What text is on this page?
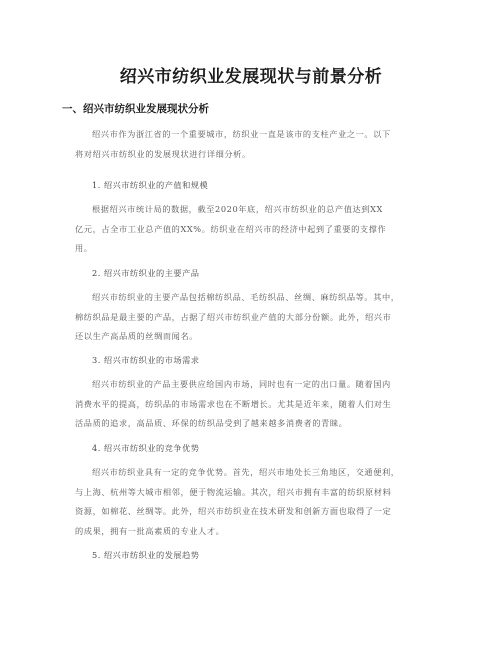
绍兴市纺织业发展现状与前景分析
一、绍兴市纺织业发展现状分析
绍兴市作为浙江省的一个重要城市，纺织业一直是该市的支柱产业之一。以下
将对绍兴市纺织业的发展现状进行详细分析。
1. 绍兴市纺织业的产值和规模
根据绍兴市统计局的数据，截至2020年底，绍兴市纺织业的总产值达到XX
亿元，占全市工业总产值的XX%。纺织业在绍兴市的经济中起到了重要的支撑作
用。
2. 绍兴市纺织业的主要产品
绍兴市纺织业的主要产品包括棉纺织品、毛纺织品、丝绸、麻纺织品等。其中，
棉纺织品是最主要的产品，占据了绍兴市纺织业产值的大部分份额。此外，绍兴市
还以生产高品质的丝绸而闻名。
3. 绍兴市纺织业的市场需求
绍兴市纺织业的产品主要供应给国内市场，同时也有一定的出口量。随着国内
消费水平的提高，纺织品的市场需求也在不断增长。尤其是近年来，随着人们对生
活品质的追求，高品质、环保的纺织品受到了越来越多消费者的青睐。
4. 绍兴市纺织业的竞争优势
绍兴市纺织业具有一定的竞争优势。首先，绍兴市地处长三角地区，交通便利，
与上海、杭州等大城市相邻，便于物流运输。其次，绍兴市拥有丰富的纺织原材料
资源，如棉花、丝绸等。此外，绍兴市纺织业在技术研发和创新方面也取得了一定
的成果，拥有一批高素质的专业人才。
5. 绍兴市纺织业的发展趋势
